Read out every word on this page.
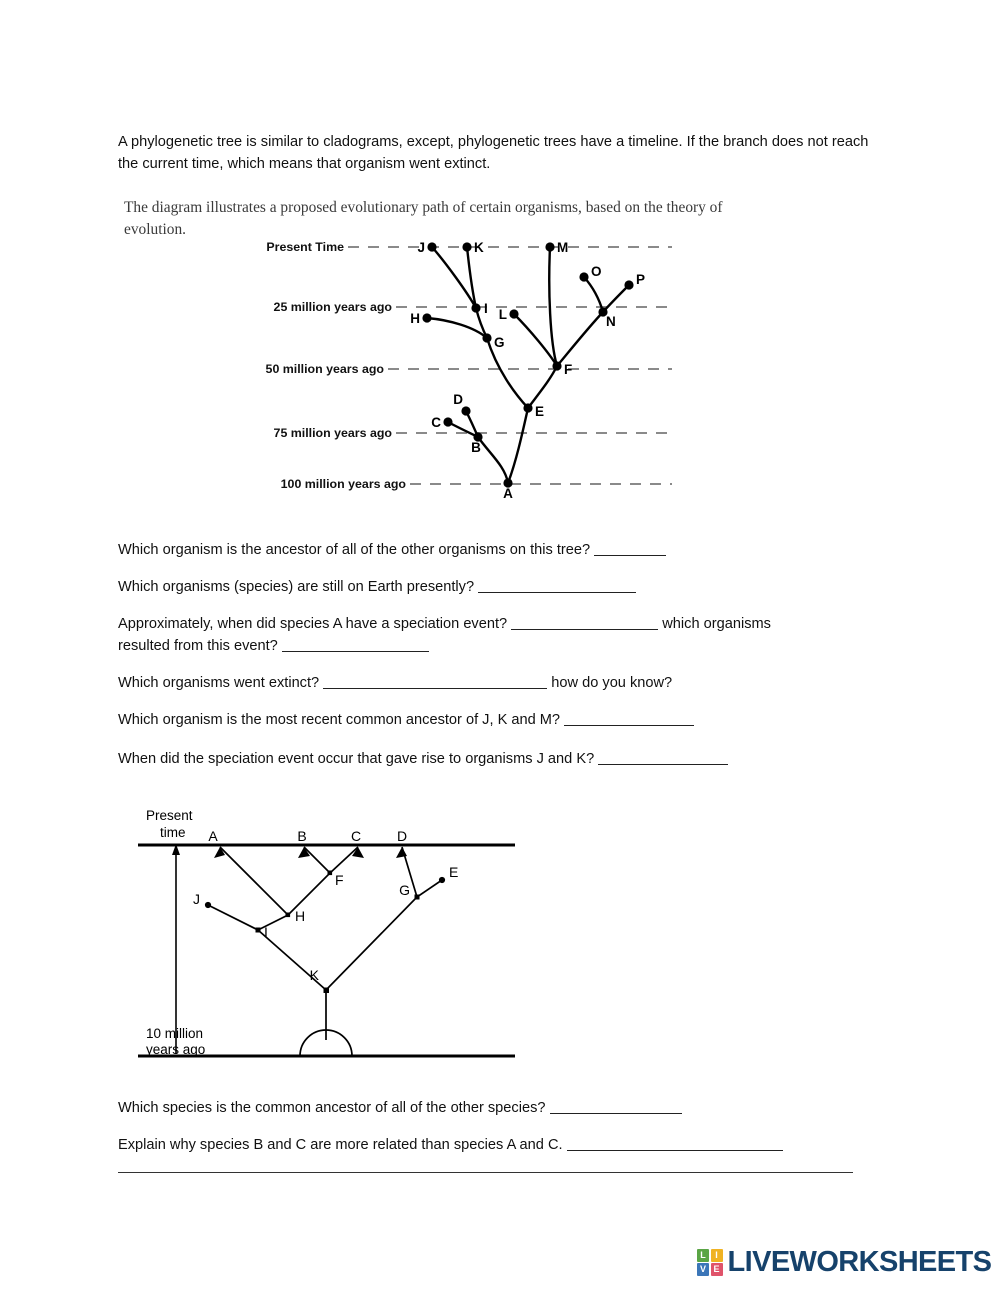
A phylogenetic tree is similar to cladograms, except, phylogenetic trees have a timeline. If the branch does not reach the current time, which means that organism went extinct.

The diagram illustrates a proposed evolutionary path of certain organisms, based on the theory of evolution.

Present Time
25 million years ago
50 million years ago
75 million years ago
100 million years ago
A
B
C
D
E
F
G
H
I
J	K
L
M
N
O
P

Which organism is the ancestor of all of the other organisms on this tree?

Which organisms (species) are still on Earth presently?

Approximately, when did species A have a speciation event?	which organisms
resulted from this event?

Which organisms went extinct?	how do you know?

Which organism is the most recent common ancestor of J, K and M?

When did the speciation event occur that gave rise to organisms J and K?

Present
time
10 million
years ago
A	B	C	D
E
F
G
H
I
J
K

Which species is the common ancestor of all of the other species?

Explain why species B and C are more related than species A and C.

L	I
V E LIVEWORKSHEETS
